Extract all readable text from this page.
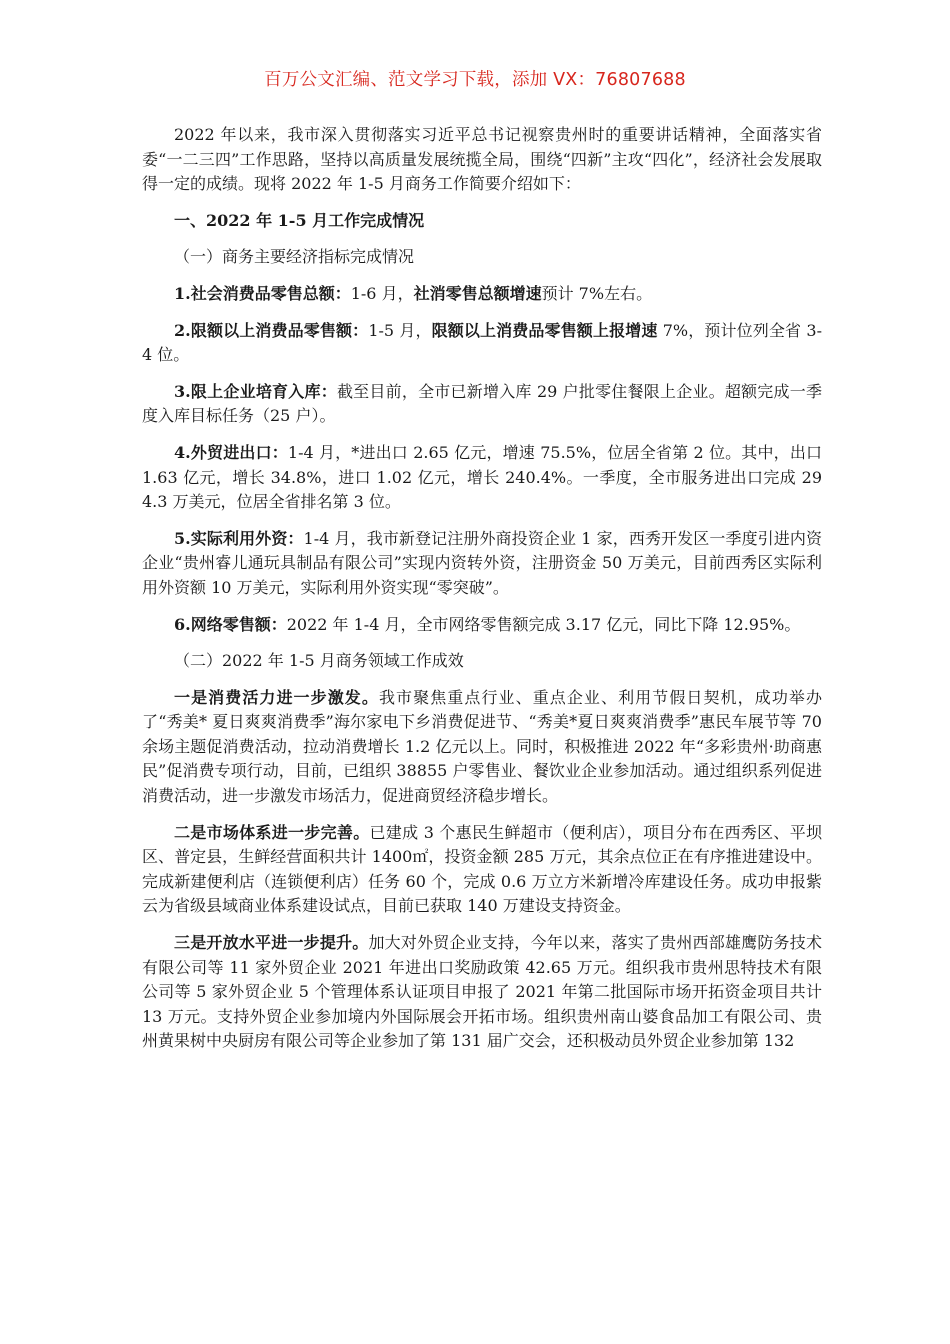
百万公文汇编、范文学习下载，添加 VX：76807688

2022 年以来，我市深入贯彻落实习近平总书记视察贵州时的重要讲话精神，全面落实省委“一二三四”工作思路，坚持以高质量发展统揽全局，围绕“四新”主攻“四化”，经济社会发展取得一定的成绩。现将 2022 年 1-5 月商务工作简要介绍如下：

一、2022 年 1-5 月工作完成情况

（一）商务主要经济指标完成情况

1.社会消费品零售总额：1-6 月，社消零售总额增速预计 7%左右。

2.限额以上消费品零售额：1-5 月，限额以上消费品零售额上报增速 7%，预计位列全省 3-4 位。

3.限上企业培育入库：截至目前，全市已新增入库 29 户批零住餐限上企业。超额完成一季度入库目标任务（25 户）。

4.外贸进出口：1-4 月，*进出口 2.65 亿元，增速 75.5%，位居全省第 2 位。其中，出口 1.63 亿元，增长 34.8%，进口 1.02 亿元，增长 240.4%。一季度，全市服务进出口完成 294.3 万美元，位居全省排名第 3 位。

5.实际利用外资：1-4 月，我市新登记注册外商投资企业 1 家，西秀开发区一季度引进内资企业“贵州睿儿通玩具制品有限公司”实现内资转外资，注册资金 50 万美元，目前西秀区实际利用外资额 10 万美元，实际利用外资实现“零突破”。

6.网络零售额：2022 年 1-4 月，全市网络零售额完成 3.17 亿元，同比下降 12.95%。

（二）2022 年 1-5 月商务领域工作成效

一是消费活力进一步激发。我市聚焦重点行业、重点企业、利用节假日契机，成功举办了“秀美* 夏日爽爽消费季”海尔家电下乡消费促进节、“秀美*夏日爽爽消费季”惠民车展节等 70 余场主题促消费活动，拉动消费增长 1.2 亿元以上。同时，积极推进 2022 年“多彩贵州·助商惠民”促消费专项行动，目前，已组织 38855 户零售业、餐饮业企业参加活动。通过组织系列促进消费活动，进一步激发市场活力，促进商贸经济稳步增长。

二是市场体系进一步完善。已建成 3 个惠民生鲜超市（便利店），项目分布在西秀区、平坝区、普定县，生鲜经营面积共计 1400㎡，投资金额 285 万元，其余点位正在有序推进建设中。完成新建便利店（连锁便利店）任务 60 个，完成 0.6 万立方米新增冷库建设任务。成功申报紫云为省级县域商业体系建设试点，目前已获取 140 万建设支持资金。

三是开放水平进一步提升。加大对外贸企业支持，今年以来，落实了贵州西部雄鹰防务技术有限公司等 11 家外贸企业 2021 年进出口奖励政策 42.65 万元。组织我市贵州思特技术有限公司等 5 家外贸企业 5 个管理体系认证项目申报了 2021 年第二批国际市场开拓资金项目共计 13 万元。支持外贸企业参加境内外国际展会开拓市场。组织贵州南山婆食品加工有限公司、贵州黄果树中央厨房有限公司等企业参加了第 131 届广交会，还积极动员外贸企业参加第 132
